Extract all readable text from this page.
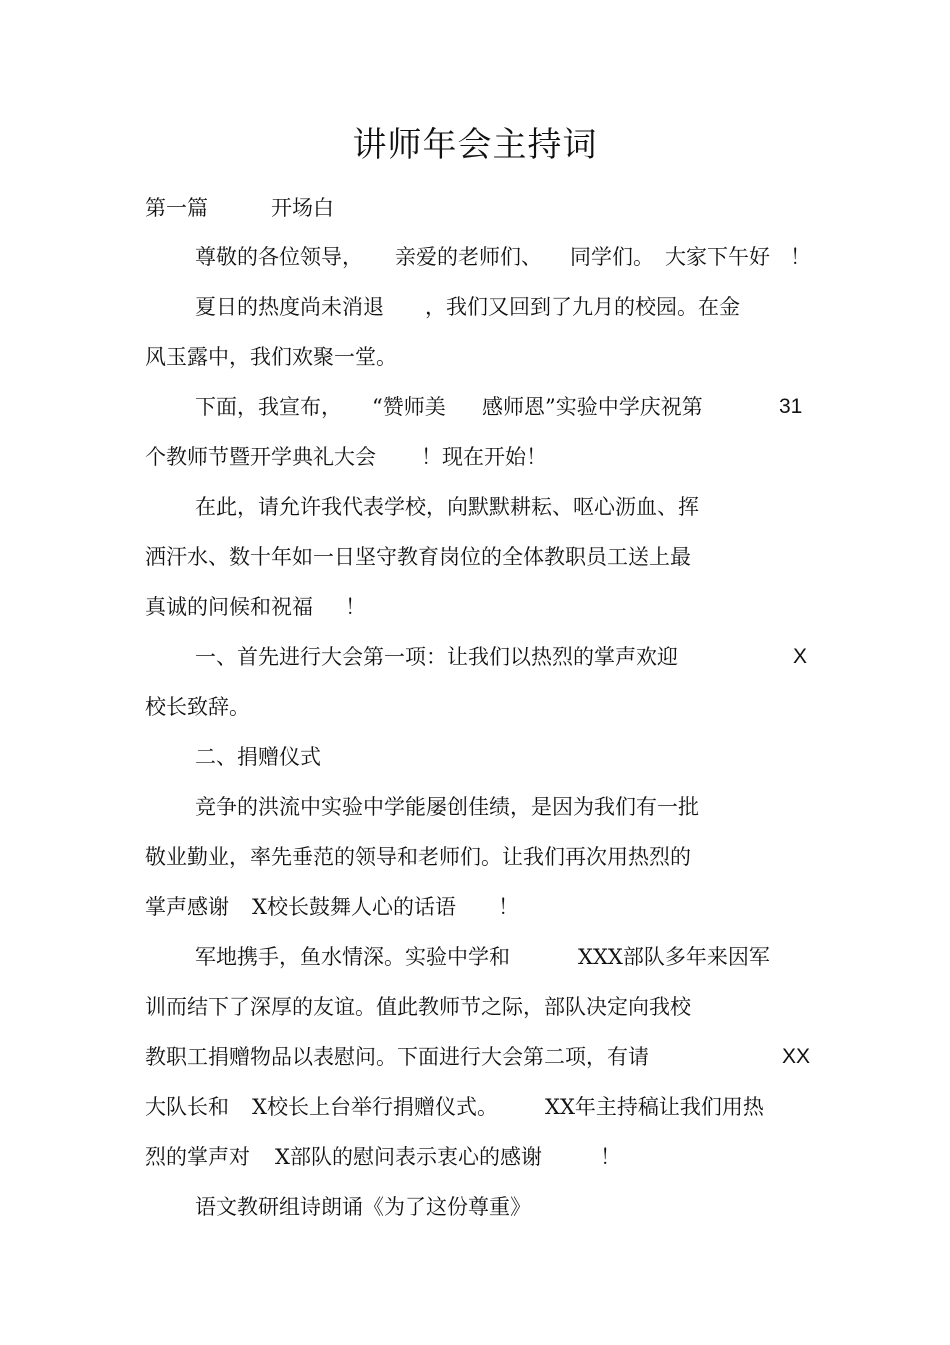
讲师年会主持词
第一篇	开场白
尊敬的各位领导， 亲爱的老师们、 同学们。 大家下午好 ！
夏日的热度尚未消退 ，我们又回到了九月的校园。在金
风玉露中，我们欢聚一堂。
下面，我宣布， “赞师美 感师恩”实验中学庆祝第	31
个教师节暨开学典礼大会 ！现在开始！
在此，请允许我代表学校，向默默耕耘、呕心沥血、挥
洒汗水、数十年如一日坚守教育岗位的全体教职员工送上最
真诚的问候和祝福 ！
一、首先进行大会第一项：让我们以热烈的掌声欢迎	X
校长致辞。
二、捐赠仪式
竞争的洪流中实验中学能屡创佳绩，是因为我们有一批
敬业勤业，率先垂范的领导和老师们。让我们再次用热烈的
掌声感谢 X校长鼓舞人心的话语 ！
军地携手，鱼水情深。实验中学和	XXX部队多年来因军
训而结下了深厚的友谊。值此教师节之际，部队决定向我校
教职工捐赠物品以表慰问。下面进行大会第二项，有请	XX
大队长和 X校长上台举行捐赠仪式。 XX年主持稿让我们用热
烈的掌声对 X部队的慰问表示衷心的感谢	！
语文教研组诗朗诵《为了这份尊重》
